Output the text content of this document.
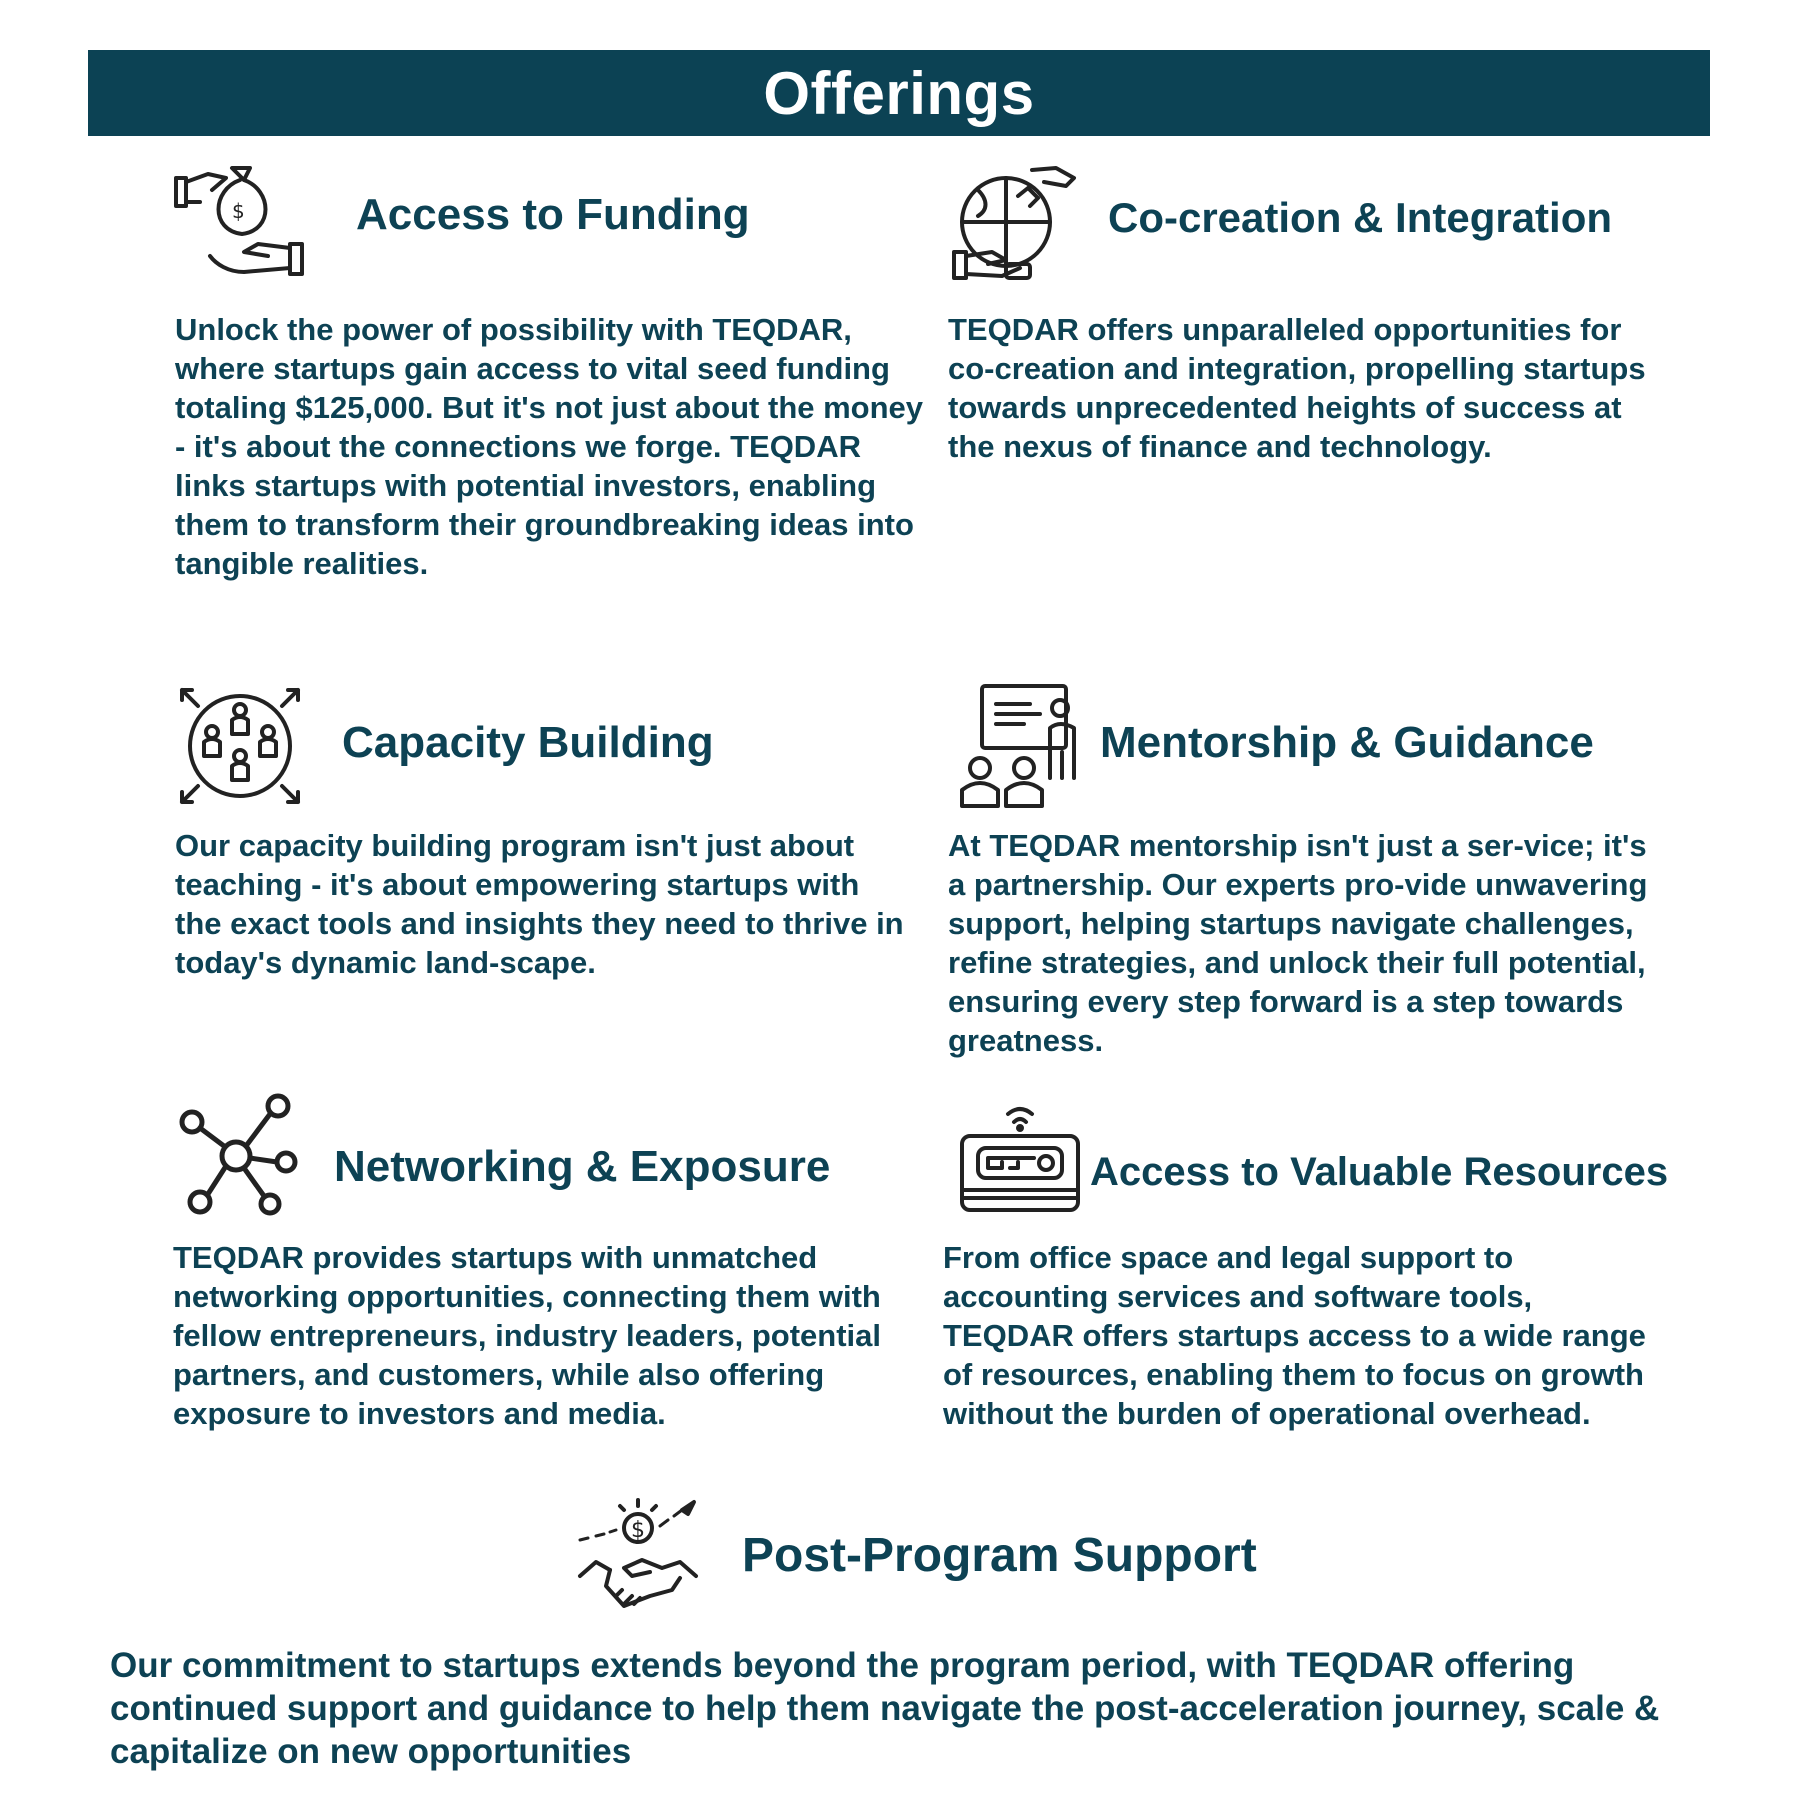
Offerings
$	Access to Funding

Unlock the power of possibility with TEQDAR, where startups gain access to vital seed funding totaling $125,000. But it's not just about the money - it's about the connections we forge. TEQDAR links startups with potential investors, enabling them to transform their groundbreaking ideas into tangible realities.

Co-creation & Integration

TEQDAR offers unparalleled opportunities for co-creation and integration, propelling startups towards unprecedented heights of success at the nexus of finance and technology.

Capacity Building

Our capacity building program isn't just about teaching - it's about empowering startups with the exact tools and insights they need to thrive in today's dynamic land-scape.

Mentorship & Guidance

At TEQDAR mentorship isn't just a ser-vice; it's a partnership. Our experts pro-vide unwavering support, helping startups navigate challenges, refine strategies, and unlock their full potential, ensuring every step forward is a step towards greatness.

Networking & Exposure

TEQDAR provides startups with unmatched networking opportunities, connecting them with fellow entrepreneurs, industry leaders, potential partners, and customers, while also offering exposure to investors and media.

Access to Valuable Resources

From office space and legal support to accounting services and software tools, TEQDAR offers startups access to a wide range of resources, enabling them to focus on growth without the burden of operational overhead.

$ Post-Program Support

Our commitment to startups extends beyond the program period, with TEQDAR offering continued support and guidance to help them navigate the post-acceleration journey, scale & capitalize on new opportunities
